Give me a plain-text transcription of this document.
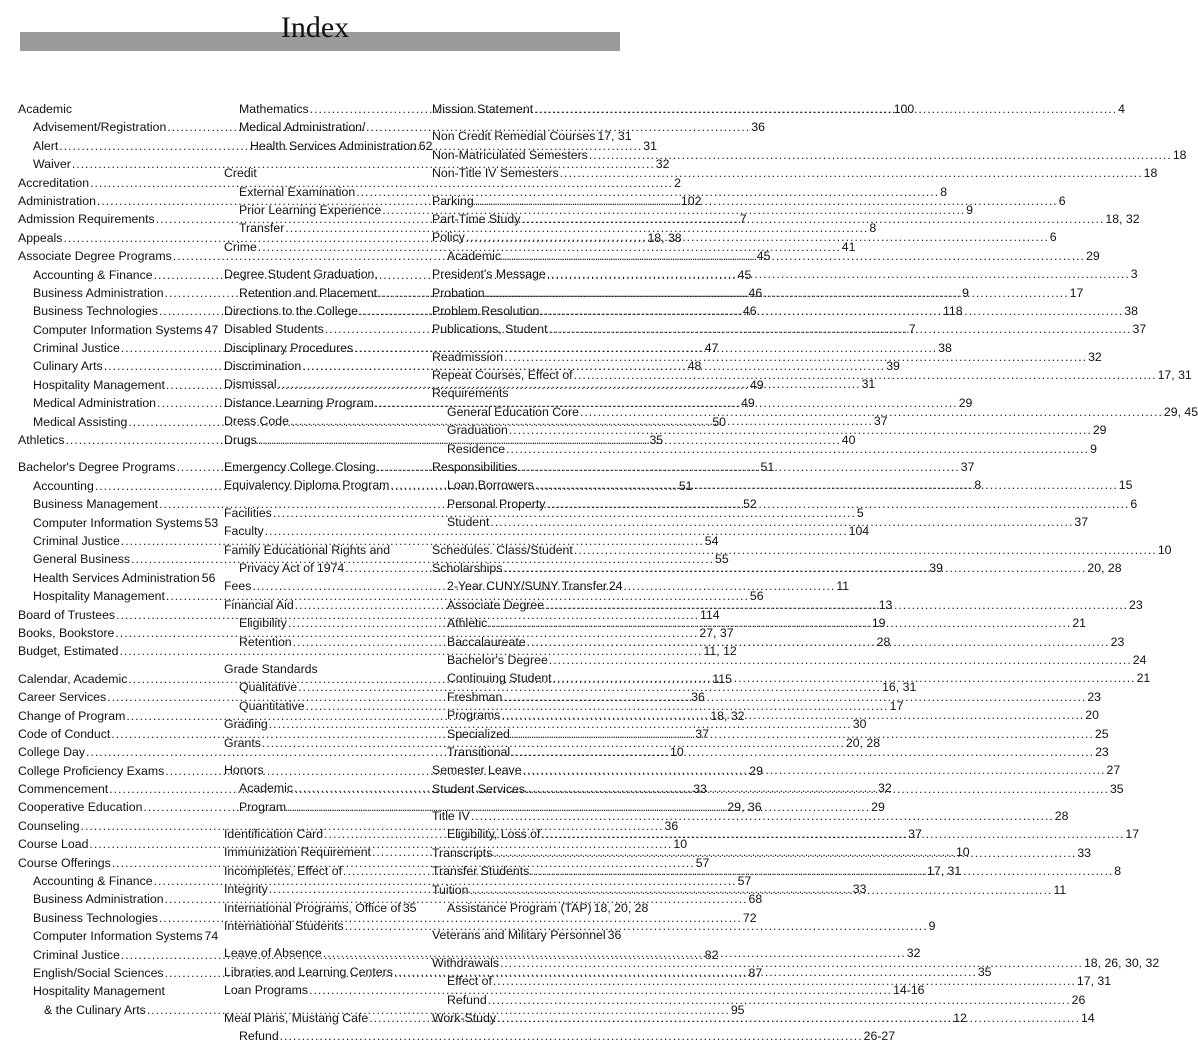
Index
Academic
Advisement/Registration .....	36
Alert .....	31
Waiver .....	32
Accreditation .....	2
Administration .....	102
Admission Requirements .....	7
Appeals .....	18, 38
Associate Degree Programs .....	45
Accounting & Finance .....	45
Business Administration .....	46
Business Technologies .....	46
Computer Information Systems 47
Criminal Justice .....	47
Culinary Arts .....	48
Hospitality Management .....	49
Medical Administration .....	49
Medical Assisting .....	50
Athletics .....	35
Bachelor's Degree Programs .....	51
Accounting .....	51
Business Management .....	52
Computer Information Systems 53
Criminal Justice .....	54
General Business .....	55
Health Services Administration 56
Hospitality Management .....	56
Board of Trustees .....	114
Books, Bookstore .....	27, 37
Budget, Estimated .....	11, 12
Calendar, Academic .....	115
Career Services .....	36
Change of Program .....	18, 32
Code of Conduct .....	37
College Day .....	10
College Proficiency Exams .....	29
Commencement .....	33
Cooperative Education .....	29, 36
Counseling .....	36
Course Load .....	10
Course Offerings .....	57
Accounting & Finance .....	57
Business Administration .....	68
Business Technologies .....	72
Computer Information Systems 74
Criminal Justice .....	82
English/Social Sciences .....	87
Hospitality Management
& the Culinary Arts .....	95
Mathematics .....	100
Medical Administration/
Health Services Administration 62
Credit
External Examination .....	8
Prior Learning Experience .....	9
Transfer .....	8
Crime .....	41
Degree Student Graduation,
Retention and Placement .....	9
Directions to the College .....	118
Disabled Students .....	7
Disciplinary Procedures .....	38
Discrimination .....	39
Dismissal .....	31
Distance Learning Program .....	29
Dress Code .....	37
Drugs .....	40
Emergency College Closing .....	37
Equivalency Diploma Program .....	8
Facilities .....	5
Faculty .....	104
Family Educational Rights and
Privacy Act of 1974 .....	39
Fees .....	11
Financial Aid .....	13
Eligibility .....	19
Retention .....	28
Grade Standards
Qualitative .....	16, 31
Quantitative .....	17
Grading .....	30
Grants .....	20, 28
Honors
Academic .....	32
Program .....	29
Identification Card .....	37
Immunization Requirement .....	10
Incompletes, Effect of .....	17, 31
Integrity .....	33
International Programs, Office of 35
International Students .....	9
Leave of Absence .....	32
Libraries and Learning Centers .....	35
Loan Programs .....	14-16
Meal Plans, Mustang Cafe .....	12
Refund .....	26-27
Mission Statement .....	4
Non Credit Remedial Courses 17, 31
Non-Matriculated Semesters .....	18
Non-Title IV Semesters .....	18
Parking .....	6
Part-Time Study .....	18, 32
Policy .....	6
Academic .....	29
President's Message .....	3
Probation .....	17
Problem Resolution .....	38
Publications, Student .....	37
Readmission .....	32
Repeat Courses, Effect of .....	17, 31
Requirements
General Education Core .....	29, 45
Graduation .....	29
Residence .....	9
Responsibilities
Loan Borrowers .....	15
Personal Property .....	6
Student .....	37
Schedules. Class/Student .....	10
Scholarships .....	20, 28
2-Year CUNY/SUNY Transfer 24
Associate Degree .....	23
Athletic .....	21
Baccalaureate .....	23
Bachelor's Degree .....	24
Continuing Student .....	21
Freshman .....	23
Programs .....	20
Specialized .....	25
Transitional .....	23
Semester Leave .....	27
Student Services .....	35
Title IV .....	28
Eligibility, Loss of .....	17
Transcripts .....	33
Transfer Students .....	8
Tuition .....	11
Assistance Program (TAP) 18, 20, 28
Veterans and Military Personnel 36
Withdrawals .....	18, 26, 30, 32
Effect of .....	17, 31
Refund .....	26
Work-Study .....	14
